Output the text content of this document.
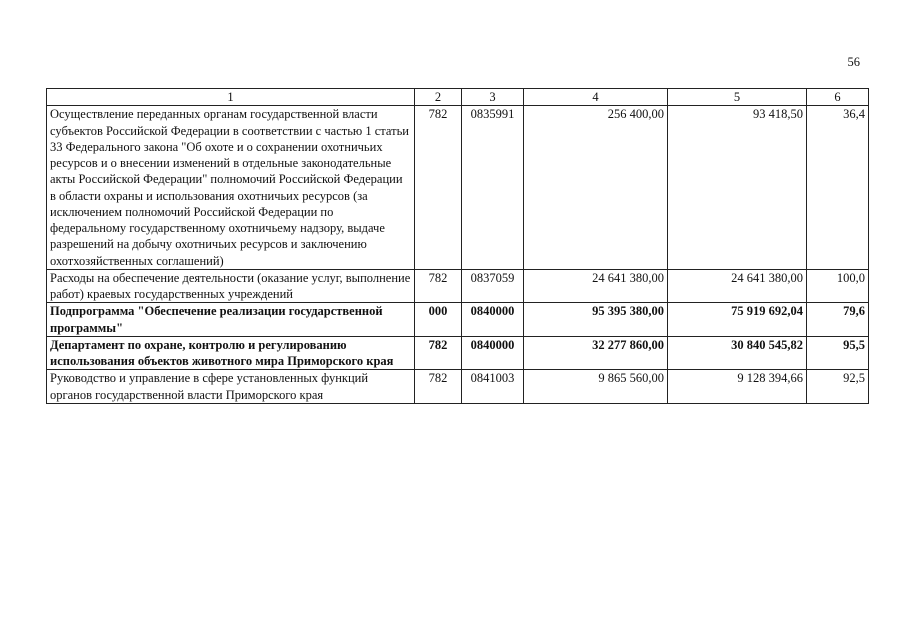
56
1	2	3	4	5	6
Осуществление переданных органам государственной власти субъектов Российской Федерации в соответствии с частью 1 статьи 33 Федерального закона "Об охоте и о сохранении охотничьих ресурсов и о внесении изменений в отдельные законодательные акты Российской Федерации" полномочий Российской Федерации в области охраны и использования охотничьих ресурсов (за исключением полномочий Российской Федерации по федеральному государственному охотничьему надзору, выдаче разрешений на добычу охотничьих ресурсов и заключению охотхозяйственных соглашений)	782	0835991	256 400,00	93 418,50	36,4
Расходы на обеспечение деятельности (оказание услуг, выполнение работ) краевых государственных учреждений	782	0837059	24 641 380,00	24 641 380,00	100,0
Подпрограмма "Обеспечение реализации государственной программы"	000	0840000	95 395 380,00	75 919 692,04	79,6
Департамент по охране, контролю и регулированию использования объектов животного мира Приморского края	782	0840000	32 277 860,00	30 840 545,82	95,5
Руководство и управление в сфере установленных функций органов государственной власти Приморского края	782	0841003	9 865 560,00	9 128 394,66	92,5
